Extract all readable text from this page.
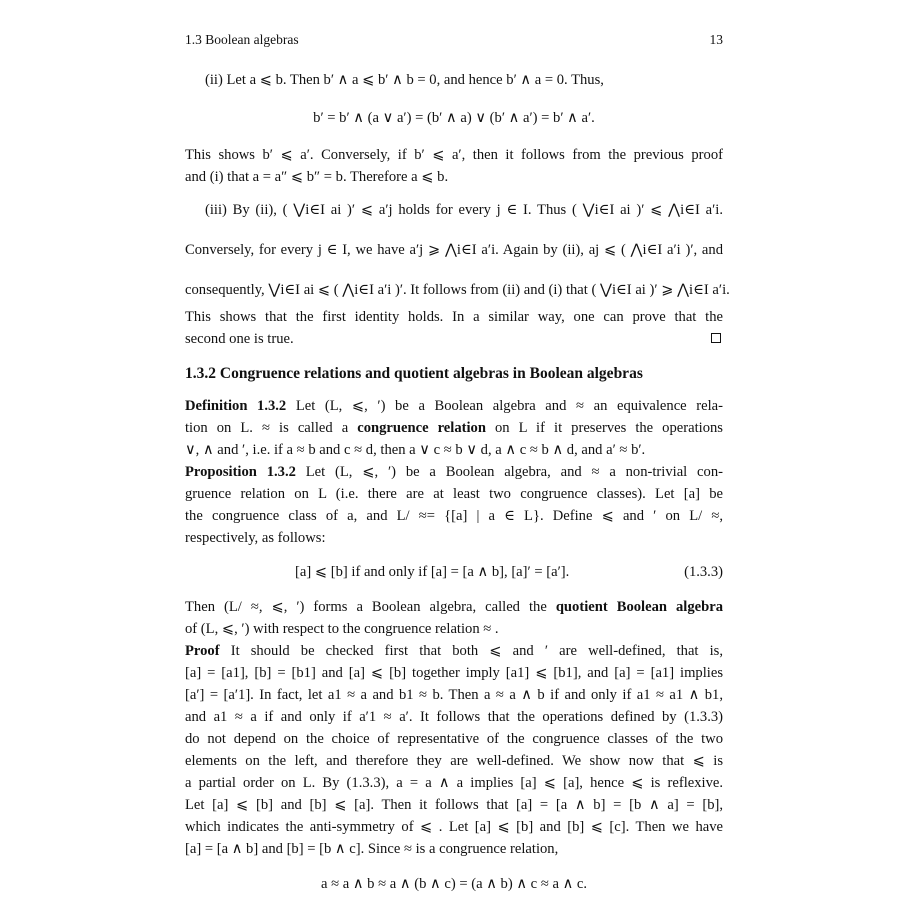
1.3 Boolean algebras	13
(ii) Let a ⩽ b. Then b′ ∧ a ⩽ b′ ∧ b = 0, and hence b′ ∧ a = 0. Thus,
b′ = b′ ∧ (a ∨ a′) = (b′ ∧ a) ∨ (b′ ∧ a′) = b′ ∧ a′.
This shows b′ ⩽ a′. Conversely, if b′ ⩽ a′, then it follows from the previous proof
and (i) that a = a″ ⩽ b″ = b. Therefore a ⩽ b.
(iii) By (ii), ( ⋁i∈I ai )′ ⩽ a′j holds for every j ∈ I. Thus ( ⋁i∈I ai )′ ⩽ ⋀i∈I a′i.
Conversely, for every j ∈ I, we have a′j ⩾ ⋀i∈I a′i. Again by (ii), aj ⩽ ( ⋀i∈I a′i )′, and
consequently, ⋁i∈I ai ⩽ ( ⋀i∈I a′i )′. It follows from (ii) and (i) that ( ⋁i∈I ai )′ ⩾ ⋀i∈I a′i.
This shows that the first identity holds. In a similar way, one can prove that the
second one is true.
1.3.2 Congruence relations and quotient algebras in Boolean algebras
Definition 1.3.2 Let (L, ⩽, ′) be a Boolean algebra and ≈ an equivalence rela-
tion on L. ≈ is called a congruence relation on L if it preserves the operations
∨, ∧ and ′, i.e. if a ≈ b and c ≈ d, then a ∨ c ≈ b ∨ d, a ∧ c ≈ b ∧ d, and a′ ≈ b′.
Proposition 1.3.2 Let (L, ⩽, ′) be a Boolean algebra, and ≈ a non-trivial con-
gruence relation on L (i.e. there are at least two congruence classes). Let [a] be
the congruence class of a, and L/ ≈= {[a] | a ∈ L}. Define ⩽ and ′ on L/ ≈,
respectively, as follows:
[a] ⩽ [b] if and only if [a] = [a ∧ b], [a]′ = [a′].	(1.3.3)
Then (L/ ≈, ⩽, ′) forms a Boolean algebra, called the quotient Boolean algebra
of (L, ⩽, ′) with respect to the congruence relation ≈ .
Proof It should be checked first that both ⩽ and ′ are well-defined, that is,
[a] = [a1], [b] = [b1] and [a] ⩽ [b] together imply [a1] ⩽ [b1], and [a] = [a1] implies
[a′] = [a′1]. In fact, let a1 ≈ a and b1 ≈ b. Then a ≈ a ∧ b if and only if a1 ≈ a1 ∧ b1,
and a1 ≈ a if and only if a′1 ≈ a′. It follows that the operations defined by (1.3.3)
do not depend on the choice of representative of the congruence classes of the two
elements on the left, and therefore they are well-defined. We show now that ⩽ is
a partial order on L. By (1.3.3), a = a ∧ a implies [a] ⩽ [a], hence ⩽ is reflexive.
Let [a] ⩽ [b] and [b] ⩽ [a]. Then it follows that [a] = [a ∧ b] = [b ∧ a] = [b],
which indicates the anti-symmetry of ⩽ . Let [a] ⩽ [b] and [b] ⩽ [c]. Then we have
[a] = [a ∧ b] and [b] = [b ∧ c]. Since ≈ is a congruence relation,
a ≈ a ∧ b ≈ a ∧ (b ∧ c) = (a ∧ b) ∧ c ≈ a ∧ c.
